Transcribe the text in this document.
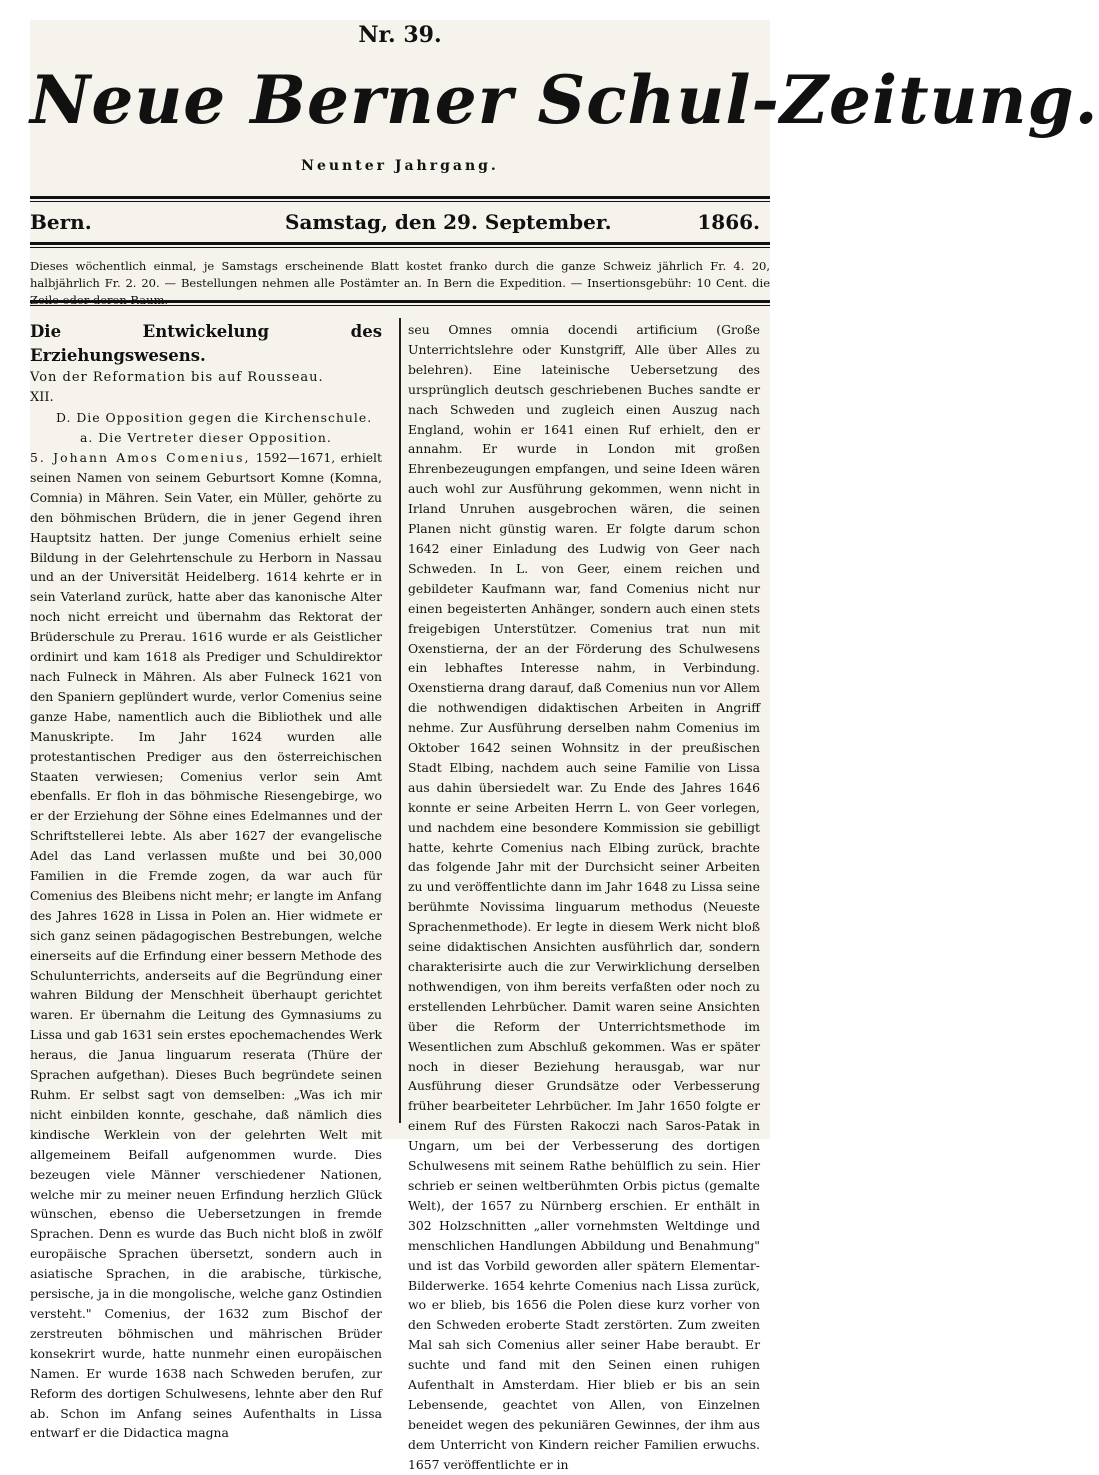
Nr. 39.
Neue Berner Schul-Zeitung.
Neunter Jahrgang.
Bern.	Samstag, den 29. September.	1866.
Dieses wöchentlich einmal, je Samstags erscheinende Blatt kostet franko durch die ganze Schweiz jährlich Fr. 4. 20, halbjährlich Fr. 2. 20. — Bestellungen nehmen alle Postämter an. In Bern die Expedition. — Insertionsgebühr: 10 Cent. die Zeile oder deren Raum.

Die Entwickelung des Erziehungswesens.

Von der Reformation bis auf Rousseau.

XII.

D. Die Opposition gegen die Kirchenschule.

a. Die Vertreter dieser Opposition.

5. Johann Amos Comenius, 1592—1671, erhielt seinen Namen von seinem Geburtsort Komne (Komna, Comnia) in Mähren. Sein Vater, ein Müller, gehörte zu den böhmischen Brüdern, die in jener Gegend ihren Hauptsitz hatten. Der junge Comenius erhielt seine Bildung in der Gelehrtenschule zu Herborn in Nassau und an der Universität Heidelberg. 1614 kehrte er in sein Vaterland zurück, hatte aber das kanonische Alter noch nicht erreicht und übernahm das Rektorat der Brüderschule zu Prerau. 1616 wurde er als Geistlicher ordinirt und kam 1618 als Prediger und Schuldirektor nach Fulneck in Mähren. Als aber Fulneck 1621 von den Spaniern geplündert wurde, verlor Comenius seine ganze Habe, namentlich auch die Bibliothek und alle Manuskripte. Im Jahr 1624 wurden alle protestantischen Prediger aus den österreichischen Staaten verwiesen; Comenius verlor sein Amt ebenfalls. Er floh in das böhmische Riesengebirge, wo er der Erziehung der Söhne eines Edelmannes und der Schriftstellerei lebte. Als aber 1627 der evangelische Adel das Land verlassen mußte und bei 30,000 Familien in die Fremde zogen, da war auch für Comenius des Bleibens nicht mehr; er langte im Anfang des Jahres 1628 in Lissa in Polen an. Hier widmete er sich ganz seinen pädagogischen Bestrebungen, welche einerseits auf die Erfindung einer bessern Methode des Schulunterrichts, anderseits auf die Begründung einer wahren Bildung der Menschheit überhaupt gerichtet waren. Er übernahm die Leitung des Gymnasiums zu Lissa und gab 1631 sein erstes epochemachendes Werk heraus, die Janua linguarum reserata (Thüre der Sprachen aufgethan). Dieses Buch begründete seinen Ruhm. Er selbst sagt von demselben: „Was ich mir nicht einbilden konnte, geschahe, daß nämlich dies kindische Werklein von der gelehrten Welt mit allgemeinem Beifall aufgenommen wurde. Dies bezeugen viele Männer verschiedener Nationen, welche mir zu meiner neuen Erfindung herzlich Glück wünschen, ebenso die Uebersetzungen in fremde Sprachen. Denn es wurde das Buch nicht bloß in zwölf europäische Sprachen übersetzt, sondern auch in asiatische Sprachen, in die arabische, türkische, persische, ja in die mongolische, welche ganz Ostindien versteht." Comenius, der 1632 zum Bischof der zerstreuten böhmischen und mährischen Brüder konsekrirt wurde, hatte nunmehr einen europäischen Namen. Er wurde 1638 nach Schweden berufen, zur Reform des dortigen Schulwesens, lehnte aber den Ruf ab. Schon im Anfang seines Aufenthalts in Lissa entwarf er die Didactica magna

seu Omnes omnia docendi artificium (Große Unterrichtslehre oder Kunstgriff, Alle über Alles zu belehren). Eine lateinische Uebersetzung des ursprünglich deutsch geschriebenen Buches sandte er nach Schweden und zugleich einen Auszug nach England, wohin er 1641 einen Ruf erhielt, den er annahm. Er wurde in London mit großen Ehrenbezeugungen empfangen, und seine Ideen wären auch wohl zur Ausführung gekommen, wenn nicht in Irland Unruhen ausgebrochen wären, die seinen Planen nicht günstig waren. Er folgte darum schon 1642 einer Einladung des Ludwig von Geer nach Schweden. In L. von Geer, einem reichen und gebildeter Kaufmann war, fand Comenius nicht nur einen begeisterten Anhänger, sondern auch einen stets freigebigen Unterstützer. Comenius trat nun mit Oxenstierna, der an der Förderung des Schulwesens ein lebhaftes Interesse nahm, in Verbindung. Oxenstierna drang darauf, daß Comenius nun vor Allem die nothwendigen didaktischen Arbeiten in Angriff nehme. Zur Ausführung derselben nahm Comenius im Oktober 1642 seinen Wohnsitz in der preußischen Stadt Elbing, nachdem auch seine Familie von Lissa aus dahin übersiedelt war. Zu Ende des Jahres 1646 konnte er seine Arbeiten Herrn L. von Geer vorlegen, und nachdem eine besondere Kommission sie gebilligt hatte, kehrte Comenius nach Elbing zurück, brachte das folgende Jahr mit der Durchsicht seiner Arbeiten zu und veröffentlichte dann im Jahr 1648 zu Lissa seine berühmte Novissima linguarum methodus (Neueste Sprachenmethode). Er legte in diesem Werk nicht bloß seine didaktischen Ansichten ausführlich dar, sondern charakterisirte auch die zur Verwirklichung derselben nothwendigen, von ihm bereits verfaßten oder noch zu erstellenden Lehrbücher. Damit waren seine Ansichten über die Reform der Unterrichtsmethode im Wesentlichen zum Abschluß gekommen. Was er später noch in dieser Beziehung herausgab, war nur Ausführung dieser Grundsätze oder Verbesserung früher bearbeiteter Lehrbücher. Im Jahr 1650 folgte er einem Ruf des Fürsten Rakoczi nach Saros-Patak in Ungarn, um bei der Verbesserung des dortigen Schulwesens mit seinem Rathe behülflich zu sein. Hier schrieb er seinen weltberühmten Orbis pictus (gemalte Welt), der 1657 zu Nürnberg erschien. Er enthält in 302 Holzschnitten „aller vornehmsten Weltdinge und menschlichen Handlungen Abbildung und Benahmung" und ist das Vorbild geworden aller spätern Elementar-Bilderwerke. 1654 kehrte Comenius nach Lissa zurück, wo er blieb, bis 1656 die Polen diese kurz vorher von den Schweden eroberte Stadt zerstörten. Zum zweiten Mal sah sich Comenius aller seiner Habe beraubt. Er suchte und fand mit den Seinen einen ruhigen Aufenthalt in Amsterdam. Hier blieb er bis an sein Lebensende, geachtet von Allen, von Einzelnen beneidet wegen des pekuniären Gewinnes, der ihm aus dem Unterricht von Kindern reicher Familien erwuchs. 1657 veröffentlichte er in
